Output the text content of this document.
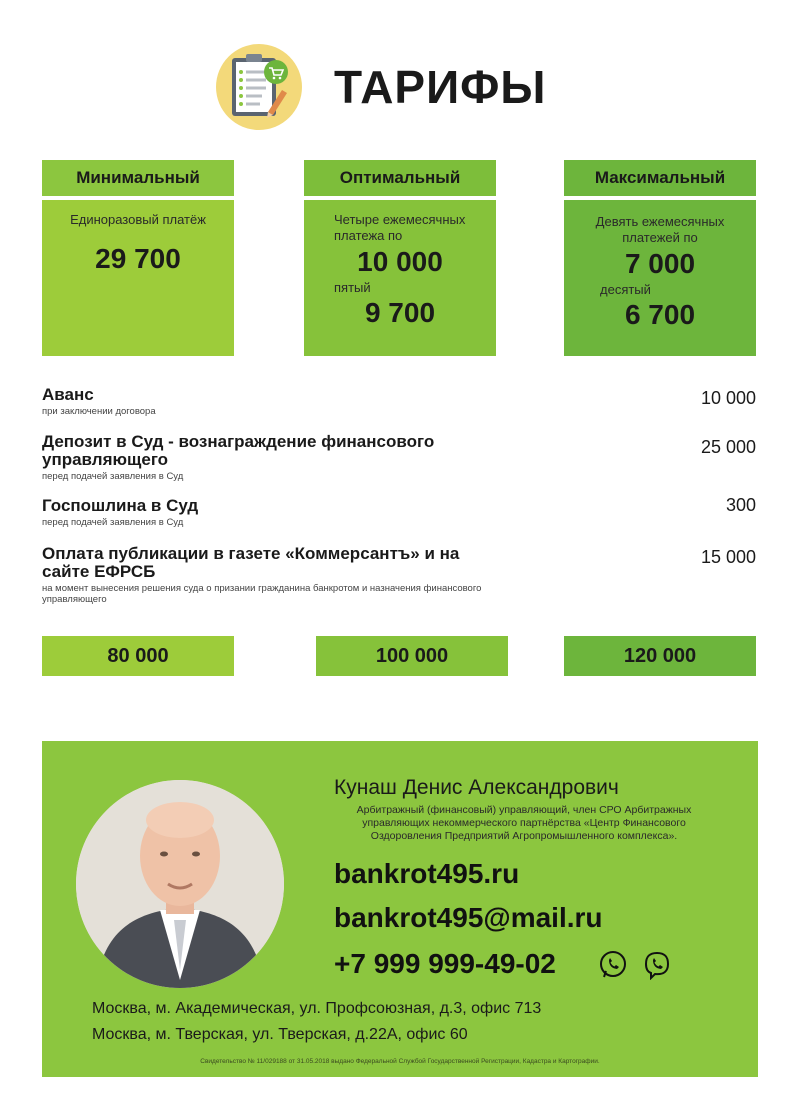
ТАРИФЫ
Минимальный
Единоразовый платёж
29 700
Оптимальный
Четыре ежемесячных платежа по
10 000
пятый
9 700
Максимальный
Девять ежемесячных платежей по
7 000
десятый
6 700
Аванс
при заключении договора
10 000
Депозит в Суд - вознаграждение финансового управляющего
перед подачей заявления в Суд
25 000
Госпошлина в Суд
перед подачей заявления в Суд
300
Оплата публикации в газете «Коммерсантъ» и на сайте ЕФРСБ
на момент вынесения решения суда о призании гражданина банкротом и назначения финансового управляющего
15 000
80 000	100 000	120 000
Кунаш Денис Александрович
Арбитражный (финансовый) управляющий, член СРО Арбитражных управляющих некоммерческого партнёрства «Центр Финансового Оздоровления Предприятий Агропромышленного комплекса».
bankrot495.ru
bankrot495@mail.ru
+7 999 999-49-02
Москва, м. Академическая, ул. Профсоюзная, д.3, офис 713
Москва, м. Тверская, ул. Тверская, д.22А, офис 60
Свидетельство № 11/029188 от 31.05.2018 выдано Федеральной Службой Государственной Регистрации, Кадастра и Картографии.
